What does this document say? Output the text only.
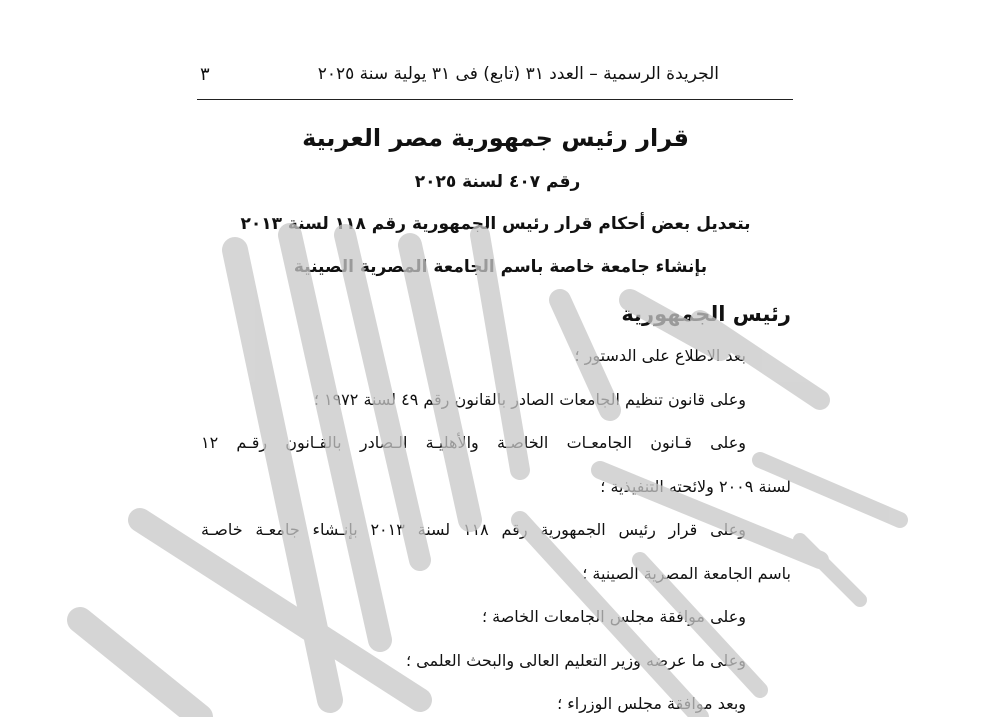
٣	الجريدة الرسمية – العدد ٣١ (تابع) فى ٣١ يولية سنة ٢٠٢٥
قرار رئيس جمهورية مصر العربية
رقم ٤٠٧ لسنة ٢٠٢٥
بتعديل بعض أحكام قرار رئيس الجمهورية رقم ١١٨ لسنة ٢٠١٣
بإنشاء جامعة خاصة باسم الجامعة المصرية الصينية
رئيس الجمهورية
بعد الاطلاع على الدستور ؛
وعلى قانون تنظيم الجامعات الصادر بالقانون رقم ٤٩ لسنة ١٩٧٢ ؛
وعلى قـانون الجامعـات الخاصـة والأهليـة الـصادر بالقـانون رقـم ١٢
لسنة ٢٠٠٩ ولائحته التنفيذية ؛
وعلى قرار رئيس الجمهورية رقم ١١٨ لسنة ٢٠١٣ بإنـشاء جامعـة خاصـة
باسم الجامعة المصرية الصينية ؛
وعلى موافقة مجلس الجامعات الخاصة ؛
وعلى ما عرضه وزير التعليم العالى والبحث العلمى ؛
وبعد موافقة مجلس الوزراء ؛
